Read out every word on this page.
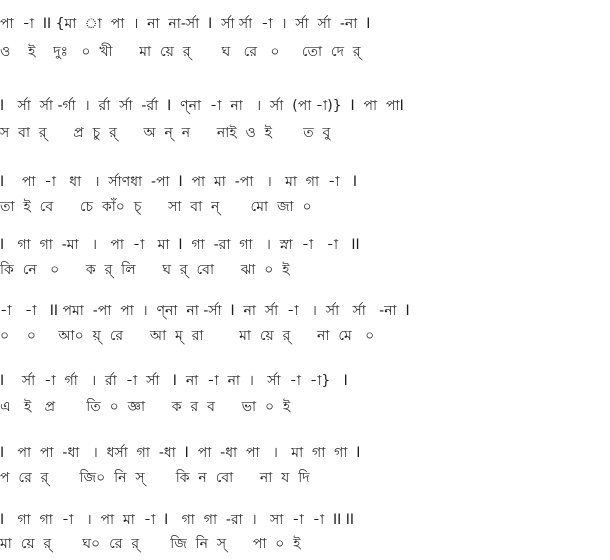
পা  -া  II {মা  া  পা  ।  না  না-র্সা  I  র্সা র্সা  -া  ।  র্সা  র্সা  -না  I
ও    ই    দুঃ   ০  খী      মা  য়ে  র্       ঘ   রে   ০     তো  দে  র্
I   র্সা  র্সা -র্গা  ।  র্রা  র্সা  -র্রা  I  ণ্না  -া  না   ।  র্সা  (পা -া)}  I  পা  পাI
স  বা  র্      প্র  চু  র্      অ  ন্  ন      নাই  ও  ই       ত  বু
I    পা  -া   ধা   ।  র্সাণধা  -পা  I  পা  মা  -পা   ।   মা  গা  -া   I
তা  ই  বে      চে  কাঁ০  চ্      সা  বা  ন্       মো  জা  ০
I   গা  গা  -মা   ।   পা  -া   মা  I  গা  -রা  গা   ।  স্না  -া   -া   II
কি  নে   ০      ক  র্  লি      ঘ  র্  বো      ঝা  ০  ই
-া   -া   II পমা  -পা  পা  ।  ণ্না  না -র্সা  I  না  র্সা  -া   ।  র্সা   র্সা   -না  I
০    ০     আ০  য়্  রে      আ  ম্  রা        মা  য়ে  র্      না  মে   ০
I    র্সা  -া  র্গা   ।  র্রা  -া  র্সা   I  না  -া  না  ।   র্সা  -া  -া}   I
এ   ই   প্র       তি  ০  জ্ঞা      ক  র  ব      ভা  ০  ই
I   পা  পা  -ধা   ।  ধর্সা  গা  -ধা  I  পা  -ধা  পা   ।   মা  গা  গা  I
প  রে  র্       জি০  নি  স্       কি  ন  বো      না  য  দি
I   গা  গা  -া   ।  পা  মা  -া  I   গা  গা  -রা  ।   সা  -া  -া  II II
মা  য়ে  র্       ঘ০  রে  র্       জি  নি  স্      পা  ০  ই
